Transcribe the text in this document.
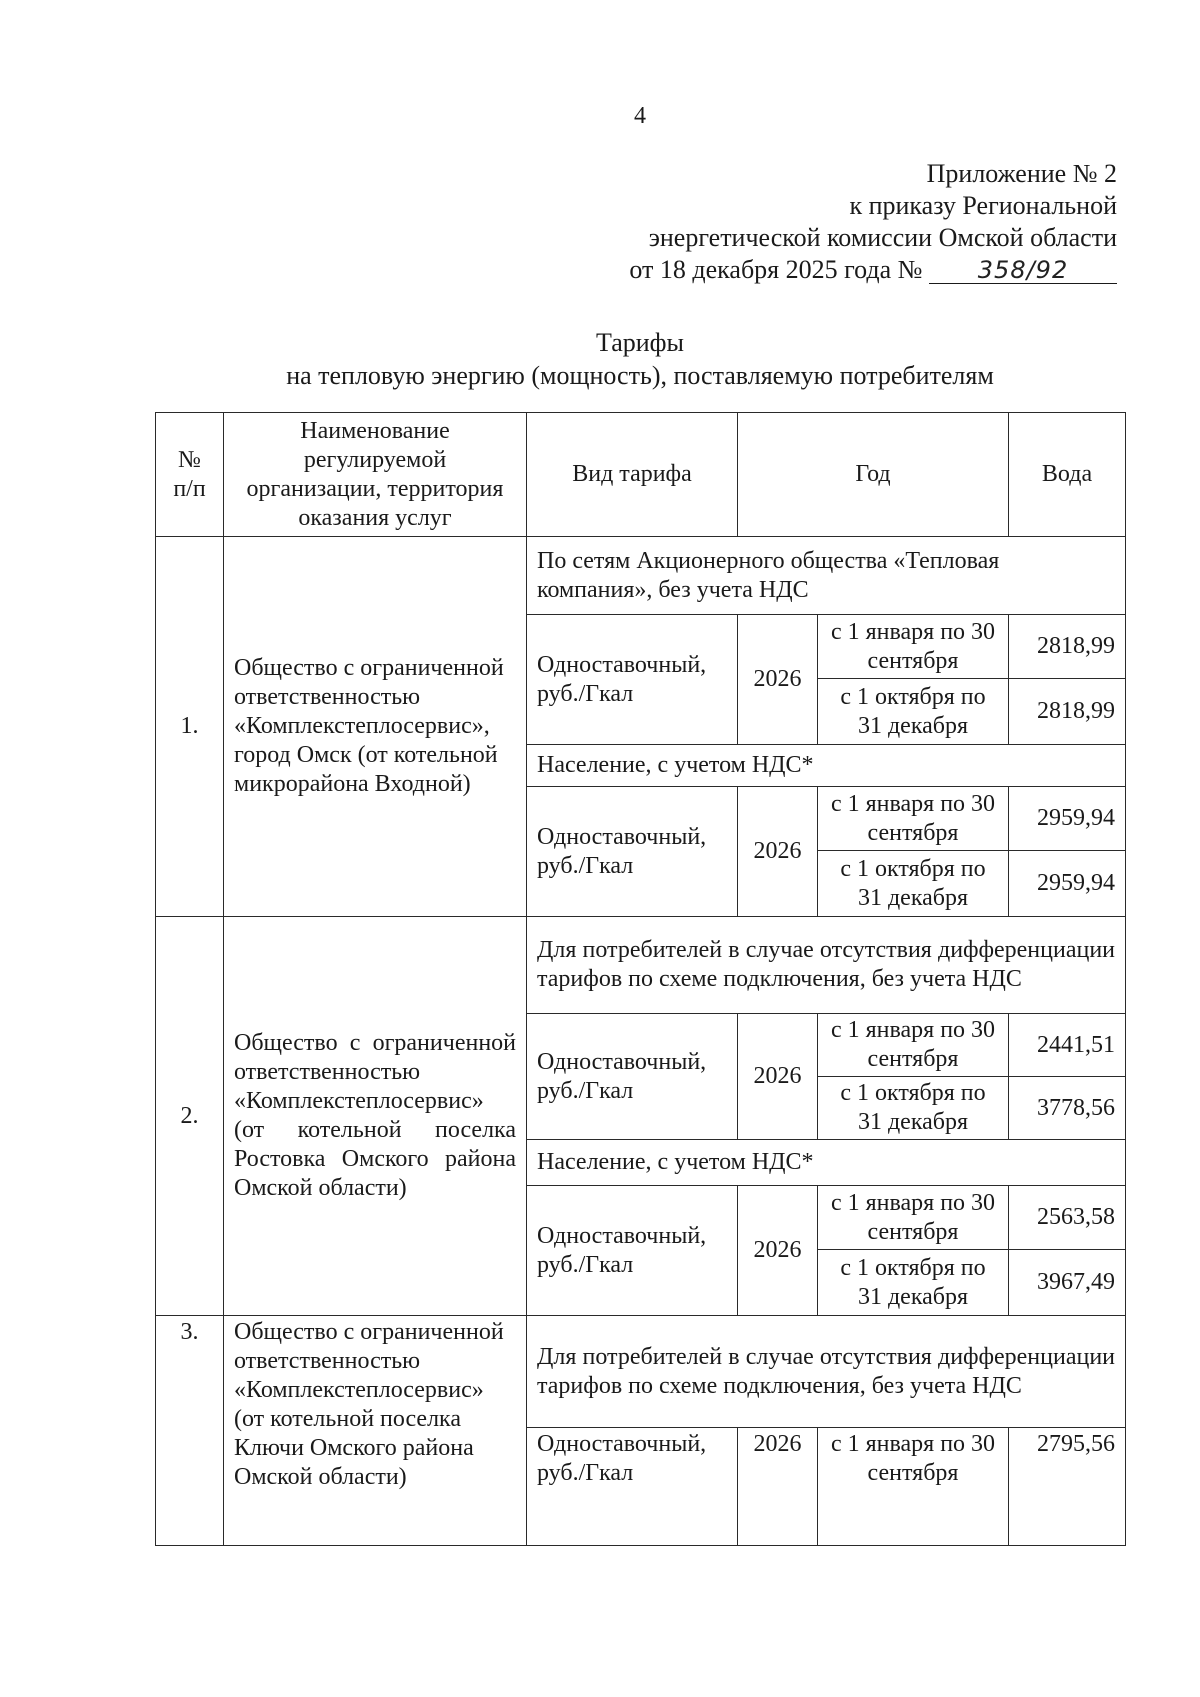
4
Приложение № 2
к приказу Региональной
энергетической комиссии Омской области
от 18 декабря 2025 года № 358/92
Тарифы
на тепловую энергию (мощность), поставляемую потребителям
№ п/п	Наименование регулируемой организации, территория оказания услуг	Вид тарифа	Год		Вода
1.	Общество с ограниченной ответственностью «Комплекстеплосервис», город Омск (от котельной микрорайона Входной)	По сетям Акционерного общества «Тепловая компания», без учета НДС			
		Одноставочный, руб./Гкал	2026	с 1 января по 30 сентября	2818,99
				с 1 октября по 31 декабря	2818,99
		Население, с учетом НДС*			
		Одноставочный, руб./Гкал	2026	с 1 января по 30 сентября	2959,94
				с 1 октября по 31 декабря	2959,94

2.	Общество с ограниченной ответственностью «Комплекстеплосервис» (от котельной поселка Ростовка Омского района Омской области)	Для потребителей в случае отсутствия дифференциации тарифов по схеме подключения, без учета НДС			
		Одноставочный, руб./Гкал	2026	с 1 января по 30 сентября	2441,51
				с 1 октября по 31 декабря	3778,56
		Население, с учетом НДС*			
		Одноставочный, руб./Гкал	2026	с 1 января по 30 сентября	2563,58
				с 1 октября по 31 декабря	3967,49
3.	Общество с ограниченной ответственностью «Комплекстеплосервис» (от котельной поселка Ключи Омского района Омской области)	Для потребителей в случае отсутствия дифференциации тарифов по схеме подключения, без учета НДС			
		Одноставочный, руб./Гкал	2026	с 1 января по 30 сентября	2795,56
